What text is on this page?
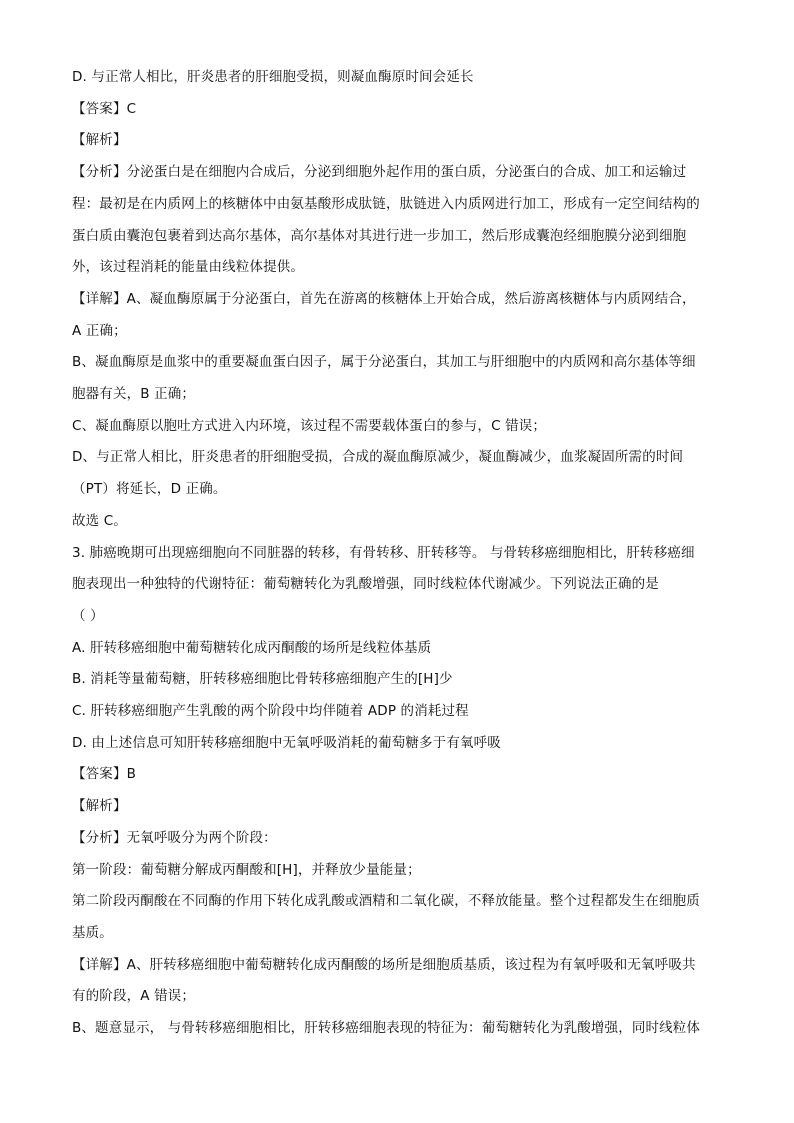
D. 与正常人相比，肝炎患者的肝细胞受损，则凝血酶原时间会延长
【答案】C
【解析】
【分析】分泌蛋白是在细胞内合成后，分泌到细胞外起作用的蛋白质，分泌蛋白的合成、加工和运输过
程：最初是在内质网上的核糖体中由氨基酸形成肽链，肽链进入内质网进行加工，形成有一定空间结构的
蛋白质由囊泡包裹着到达高尔基体，高尔基体对其进行进一步加工，然后形成囊泡经细胞膜分泌到细胞
外，该过程消耗的能量由线粒体提供。
【详解】A、凝血酶原属于分泌蛋白，首先在游离的核糖体上开始合成，然后游离核糖体与内质网结合，
A 正确；
B、凝血酶原是血浆中的重要凝血蛋白因子，属于分泌蛋白，其加工与肝细胞中的内质网和高尔基体等细
胞器有关，B 正确；
C、凝血酶原以胞吐方式进入内环境，该过程不需要载体蛋白的参与，C 错误；
D、与正常人相比，肝炎患者的肝细胞受损，合成的凝血酶原减少，凝血酶减少，血浆凝固所需的时间
（PT）将延长，D 正确。
故选 C。
3. 肺癌晚期可出现癌细胞向不同脏器的转移，有骨转移、肝转移等。 与骨转移癌细胞相比，肝转移癌细
胞表现出一种独特的代谢特征：葡萄糖转化为乳酸增强，同时线粒体代谢减少。下列说法正确的是
（ ）
A. 肝转移癌细胞中葡萄糖转化成丙酮酸的场所是线粒体基质
B. 消耗等量葡萄糖，肝转移癌细胞比骨转移癌细胞产生的[H]少
C. 肝转移癌细胞产生乳酸的两个阶段中均伴随着 ADP 的消耗过程
D. 由上述信息可知肝转移癌细胞中无氧呼吸消耗的葡萄糖多于有氧呼吸
【答案】B
【解析】
【分析】无氧呼吸分为两个阶段：
第一阶段：葡萄糖分解成丙酮酸和[H]，并释放少量能量；
第二阶段丙酮酸在不同酶的作用下转化成乳酸或酒精和二氧化碳，不释放能量。整个过程都发生在细胞质
基质。
【详解】A、肝转移癌细胞中葡萄糖转化成丙酮酸的场所是细胞质基质，该过程为有氧呼吸和无氧呼吸共
有的阶段，A 错误；
B、题意显示， 与骨转移癌细胞相比，肝转移癌细胞表现的特征为：葡萄糖转化为乳酸增强，同时线粒体
